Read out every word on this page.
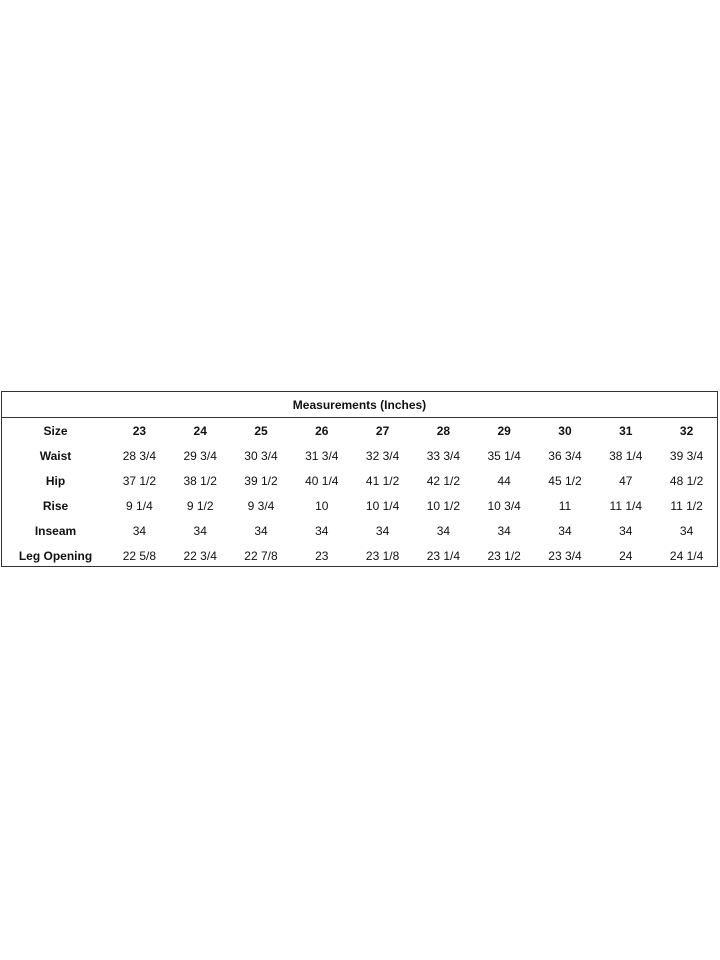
Measurements (Inches)
Size	23	24	25	26	27	28	29	30	31	32
Waist	28 3/4	29 3/4	30 3/4	31 3/4	32 3/4	33 3/4	35 1/4	36 3/4	38 1/4	39 3/4
Hip	37 1/2	38 1/2	39 1/2	40 1/4	41 1/2	42 1/2	44	45 1/2	47	48 1/2
Rise	9 1/4	9 1/2	9 3/4	10	10 1/4	10 1/2	10 3/4	11	11 1/4	11 1/2
Inseam	34	34	34	34	34	34	34	34	34	34
Leg Opening	22 5/8	22 3/4	22 7/8	23	23 1/8	23 1/4	23 1/2	23 3/4	24	24 1/4
